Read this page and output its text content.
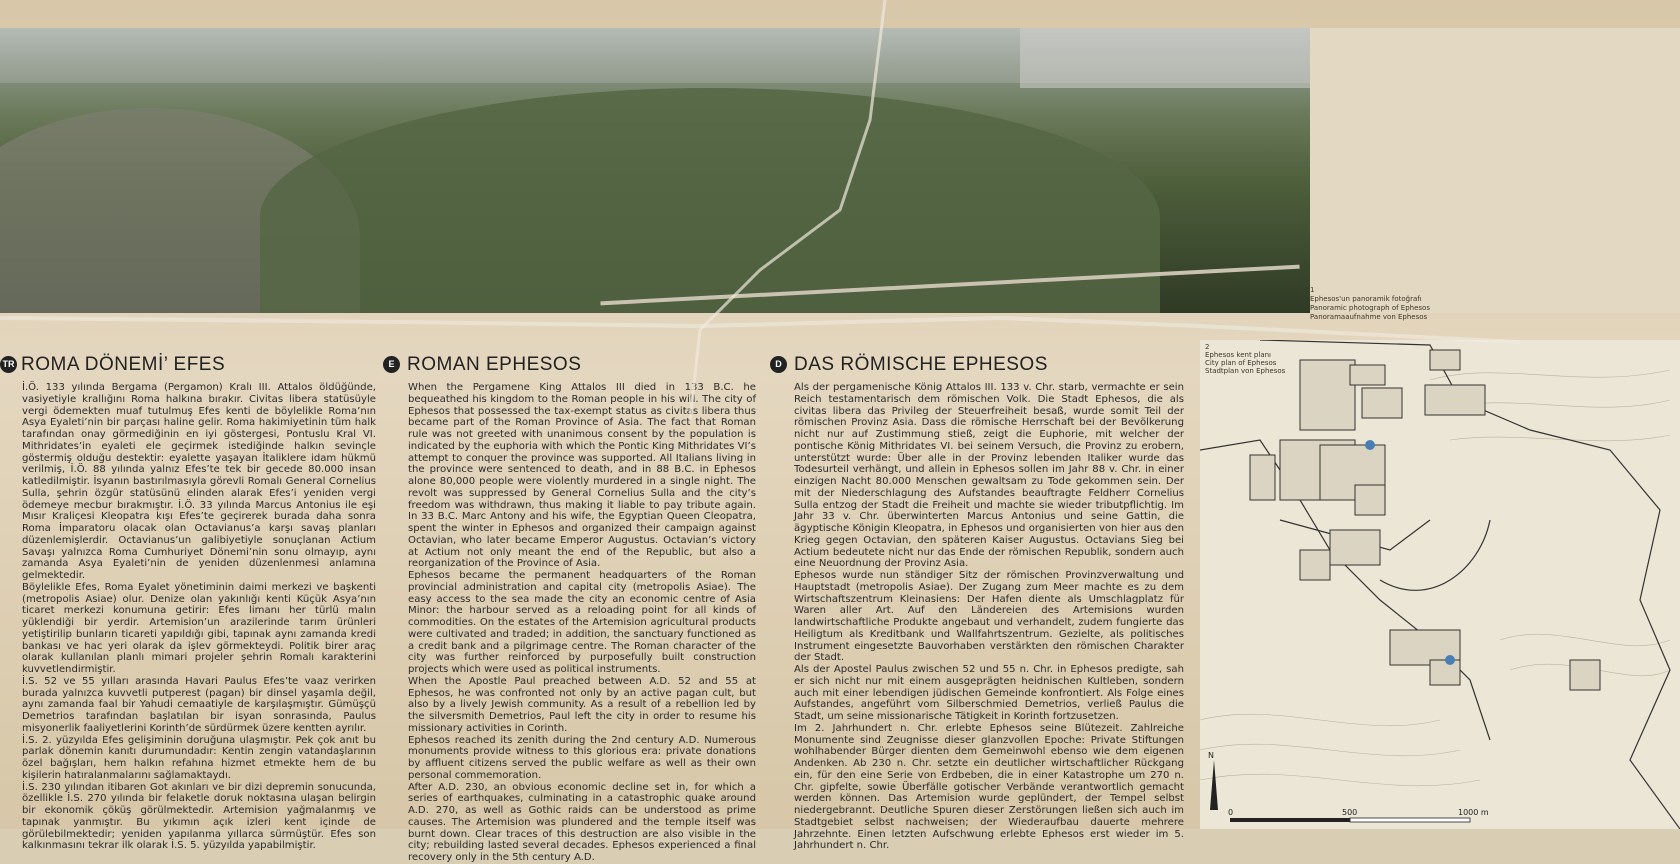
1
Ephesos'un panoramik fotoğrafı
Panoramic photograph of Ephesos
Panoramaaufnahme von Ephesos
TR ROMA DÖNEMİ’ EFES

İ.Ö. 133 yılında Bergama (Pergamon) Kralı III. Attalos öldüğünde, vasiyetiyle krallığını Roma halkına bırakır. Civitas libera statüsüyle vergi ödemekten muaf tutulmuş Efes kenti de böylelikle Roma’nın Asya Eyaleti’nin bir parçası haline gelir. Roma hakimiyetinin tüm halk tarafından onay görmediğinin en iyi göstergesi, Pontuslu Kral VI. Mithridates’in eyaleti ele geçirmek istediğinde halkın sevinçle göstermiş olduğu destektir: eyalette yaşayan İtaliklere idam hükmü verilmiş, İ.Ö. 88 yılında yalnız Efes’te tek bir gecede 80.000 insan katledilmiştir. İsyanın bastırılmasıyla görevli Romalı General Cornelius Sulla, şehrin özgür statüsünü elinden alarak Efes’i yeniden vergi ödemeye mecbur bırakmıştır. İ.Ö. 33 yılında Marcus Antonius ile eşi Mısır Kraliçesi Kleopatra kışı Efes’te geçirerek burada daha sonra Roma İmparatoru olacak olan Octavianus’a karşı savaş planları düzenlemişlerdir. Octavianus’un galibiyetiyle sonuçlanan Actium Savaşı yalnızca Roma Cumhuriyet Dönemi’nin sonu olmayıp, aynı zamanda Asya Eyaleti’nin de yeniden düzenlenmesi anlamına gelmektedir.

Böylelikle Efes, Roma Eyalet yönetiminin daimi merkezi ve başkenti (metropolis Asiae) olur. Denize olan yakınlığı kenti Küçük Asya’nın ticaret merkezi konumuna getirir: Efes limanı her türlü malın yüklendiği bir yerdir. Artemision’un arazilerinde tarım ürünleri yetiştirilip bunların ticareti yapıldığı gibi, tapınak aynı zamanda kredi bankası ve hac yeri olarak da işlev görmekteydi. Politik birer araç olarak kullanılan planlı mimari projeler şehrin Romalı karakterini kuvvetlendirmiştir.

İ.S. 52 ve 55 yılları arasında Havari Paulus Efes’te vaaz verirken burada yalnızca kuvvetli putperest (pagan) bir dinsel yaşamla değil, aynı zamanda faal bir Yahudi cemaatiyle de karşılaşmıştır. Gümüşçü Demetrios tarafından başlatılan bir isyan sonrasında, Paulus misyonerlik faaliyetlerini Korinth’de sürdürmek üzere kentten ayrılır.

İ.S. 2. yüzyılda Efes gelişiminin doruğuna ulaşmıştır. Pek çok anıt bu parlak dönemin kanıtı durumundadır: Kentin zengin vatandaşlarının özel bağışları, hem halkın refahına hizmet etmekte hem de bu kişilerin hatıralanmalarını sağlamaktaydı.

İ.S. 230 yılından itibaren Got akınları ve bir dizi depremin sonucunda, özellikle İ.S. 270 yılında bir felaketle doruk noktasına ulaşan belirgin bir ekonomik çöküş görülmektedir. Artemision yağmalanmış ve tapınak yanmıştır. Bu yıkımın açık izleri kent içinde de görülebilmektedir; yeniden yapılanma yıllarca sürmüştür. Efes son kalkınmasını tekrar ilk olarak İ.S. 5. yüzyılda yapabilmiştir.

E ROMAN EPHESOS

When the Pergamene King Attalos III died in 133 B.C. he bequeathed his kingdom to the Roman people in his will. The city of Ephesos that possessed the tax-exempt status as civitas libera thus became part of the Roman Province of Asia. The fact that Roman rule was not greeted with unanimous consent by the population is indicated by the euphoria with which the Pontic King Mithridates VI’s attempt to conquer the province was supported. All Italians living in the province were sentenced to death, and in 88 B.C. in Ephesos alone 80,000 people were violently murdered in a single night. The revolt was suppressed by General Cornelius Sulla and the city’s freedom was withdrawn, thus making it liable to pay tribute again. In 33 B.C. Marc Antony and his wife, the Egyptian Queen Cleopatra, spent the winter in Ephesos and organized their campaign against Octavian, who later became Emperor Augustus. Octavian’s victory at Actium not only meant the end of the Republic, but also a reorganization of the Province of Asia.

Ephesos became the permanent headquarters of the Roman provincial administration and capital city (metropolis Asiae). The easy access to the sea made the city an economic centre of Asia Minor: the harbour served as a reloading point for all kinds of commodities. On the estates of the Artemision agricultural products were cultivated and traded; in addition, the sanctuary functioned as a credit bank and a pilgrimage centre. The Roman character of the city was further reinforced by purposefully built construction projects which were used as political instruments.

When the Apostle Paul preached between A.D. 52 and 55 at Ephesos, he was confronted not only by an active pagan cult, but also by a lively Jewish community. As a result of a rebellion led by the silversmith Demetrios, Paul left the city in order to resume his missionary activities in Corinth.

Ephesos reached its zenith during the 2nd century A.D. Numerous monuments provide witness to this glorious era: private donations by affluent citizens served the public welfare as well as their own personal commemoration.

After A.D. 230, an obvious economic decline set in, for which a series of earthquakes, culminating in a catastrophic quake around A.D. 270, as well as Gothic raids can be understood as prime causes. The Artemision was plundered and the temple itself was burnt down. Clear traces of this destruction are also visible in the city; rebuilding lasted several decades. Ephesos experienced a final recovery only in the 5th century A.D.

D DAS RÖMISCHE EPHESOS

Als der pergamenische König Attalos III. 133 v. Chr. starb, vermachte er sein Reich testamentarisch dem römischen Volk. Die Stadt Ephesos, die als civitas libera das Privileg der Steuerfreiheit besaß, wurde somit Teil der römischen Provinz Asia. Dass die römische Herrschaft bei der Bevölkerung nicht nur auf Zustimmung stieß, zeigt die Euphorie, mit welcher der pontische König Mithridates VI. bei seinem Versuch, die Provinz zu erobern, unterstützt wurde: Über alle in der Provinz lebenden Italiker wurde das Todesurteil verhängt, und allein in Ephesos sollen im Jahr 88 v. Chr. in einer einzigen Nacht 80.000 Menschen gewaltsam zu Tode gekommen sein. Der mit der Niederschlagung des Aufstandes beauftragte Feldherr Cornelius Sulla entzog der Stadt die Freiheit und machte sie wieder tributpflichtig. Im Jahr 33 v. Chr. überwinterten Marcus Antonius und seine Gattin, die ägyptische Königin Kleopatra, in Ephesos und organisierten von hier aus den Krieg gegen Octavian, den späteren Kaiser Augustus. Octavians Sieg bei Actium bedeutete nicht nur das Ende der römischen Republik, sondern auch eine Neuordnung der Provinz Asia.

Ephesos wurde nun ständiger Sitz der römischen Provinzverwaltung und Hauptstadt (metropolis Asiae). Der Zugang zum Meer machte es zu dem Wirtschaftszentrum Kleinasiens: Der Hafen diente als Umschlagplatz für Waren aller Art. Auf den Ländereien des Artemisions wurden landwirtschaftliche Produkte angebaut und verhandelt, zudem fungierte das Heiligtum als Kreditbank und Wallfahrtszentrum. Gezielte, als politisches Instrument eingesetzte Bauvorhaben verstärkten den römischen Charakter der Stadt.

Als der Apostel Paulus zwischen 52 und 55 n. Chr. in Ephesos predigte, sah er sich nicht nur mit einem ausgeprägten heidnischen Kultleben, sondern auch mit einer lebendigen jüdischen Gemeinde konfrontiert. Als Folge eines Aufstandes, angeführt vom Silberschmied Demetrios, verließ Paulus die Stadt, um seine missionarische Tätigkeit in Korinth fortzusetzen.

Im 2. Jahrhundert n. Chr. erlebte Ephesos seine Blütezeit. Zahlreiche Monumente sind Zeugnisse dieser glanzvollen Epoche: Private Stiftungen wohlhabender Bürger dienten dem Gemeinwohl ebenso wie dem eigenen Andenken. Ab 230 n. Chr. setzte ein deutlicher wirtschaftlicher Rückgang ein, für den eine Serie von Erdbeben, die in einer Katastrophe um 270 n. Chr. gipfelte, sowie Überfälle gotischer Verbände verantwortlich gemacht werden können. Das Artemision wurde geplündert, der Tempel selbst niedergebrannt. Deutliche Spuren dieser Zerstörungen ließen sich auch im Stadtgebiet selbst nachweisen; der Wiederaufbau dauerte mehrere Jahrzehnte. Einen letzten Aufschwung erlebte Ephesos erst wieder im 5. Jahrhundert n. Chr.

N
0	500	1000 m
2
Ephesos kent planı
City plan of Ephesos
Stadtplan von Ephesos
